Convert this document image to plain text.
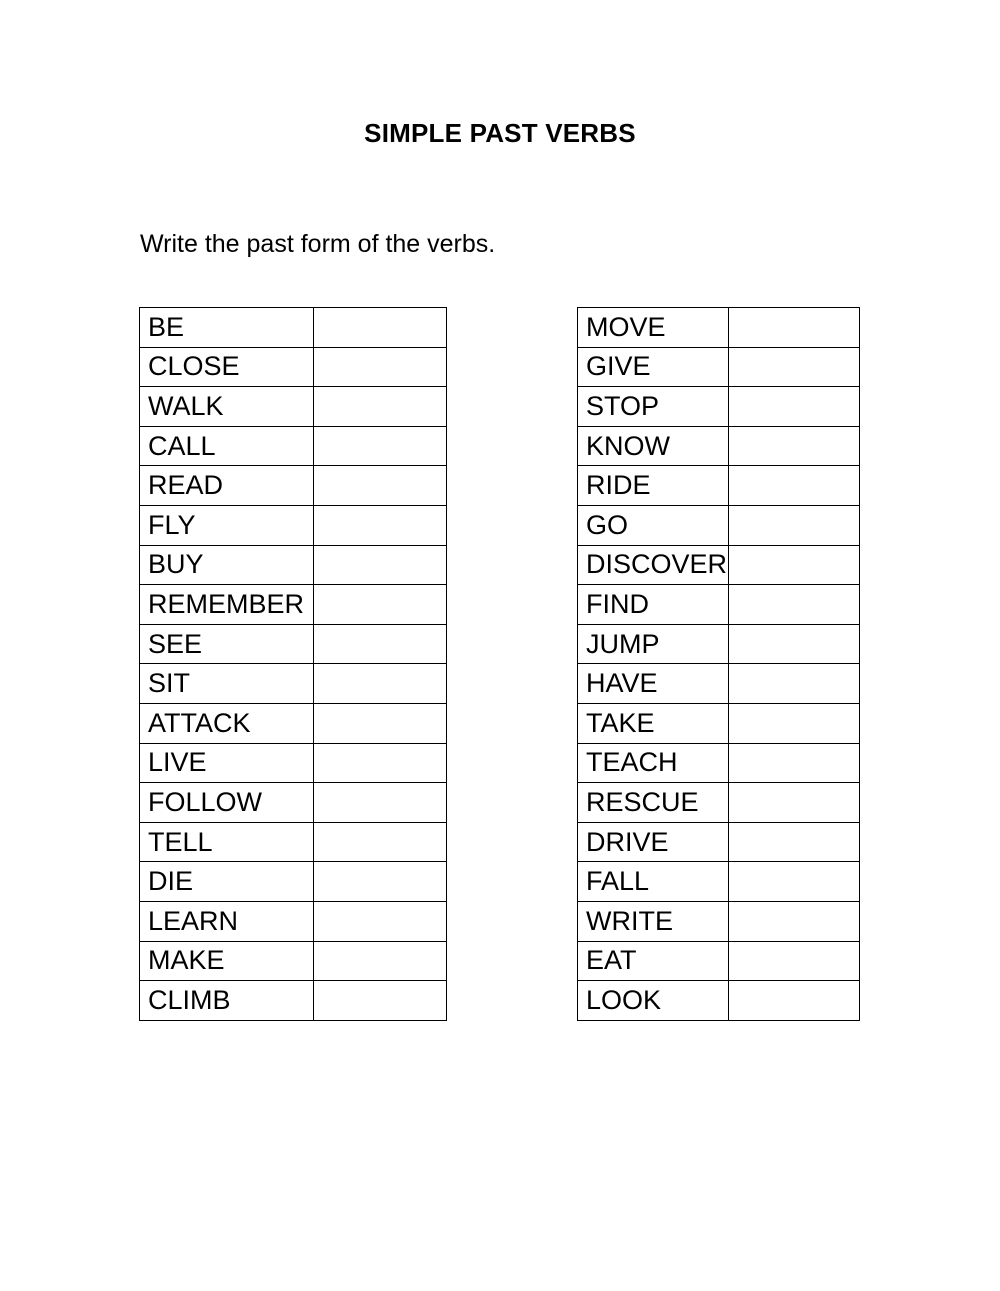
SIMPLE PAST VERBS
Write the past form of the verbs.
BE	
CLOSE	
WALK	
CALL	
READ	
FLY	
BUY	
REMEMBER	
SEE	
SIT	
ATTACK	
LIVE	
FOLLOW	
TELL	
DIE	
LEARN	
MAKE	
CLIMB	
MOVE	
GIVE	
STOP	
KNOW	
RIDE	
GO	
DISCOVER	
FIND	
JUMP	
HAVE	
TAKE	
TEACH	
RESCUE	
DRIVE	
FALL	
WRITE	
EAT	
LOOK	
